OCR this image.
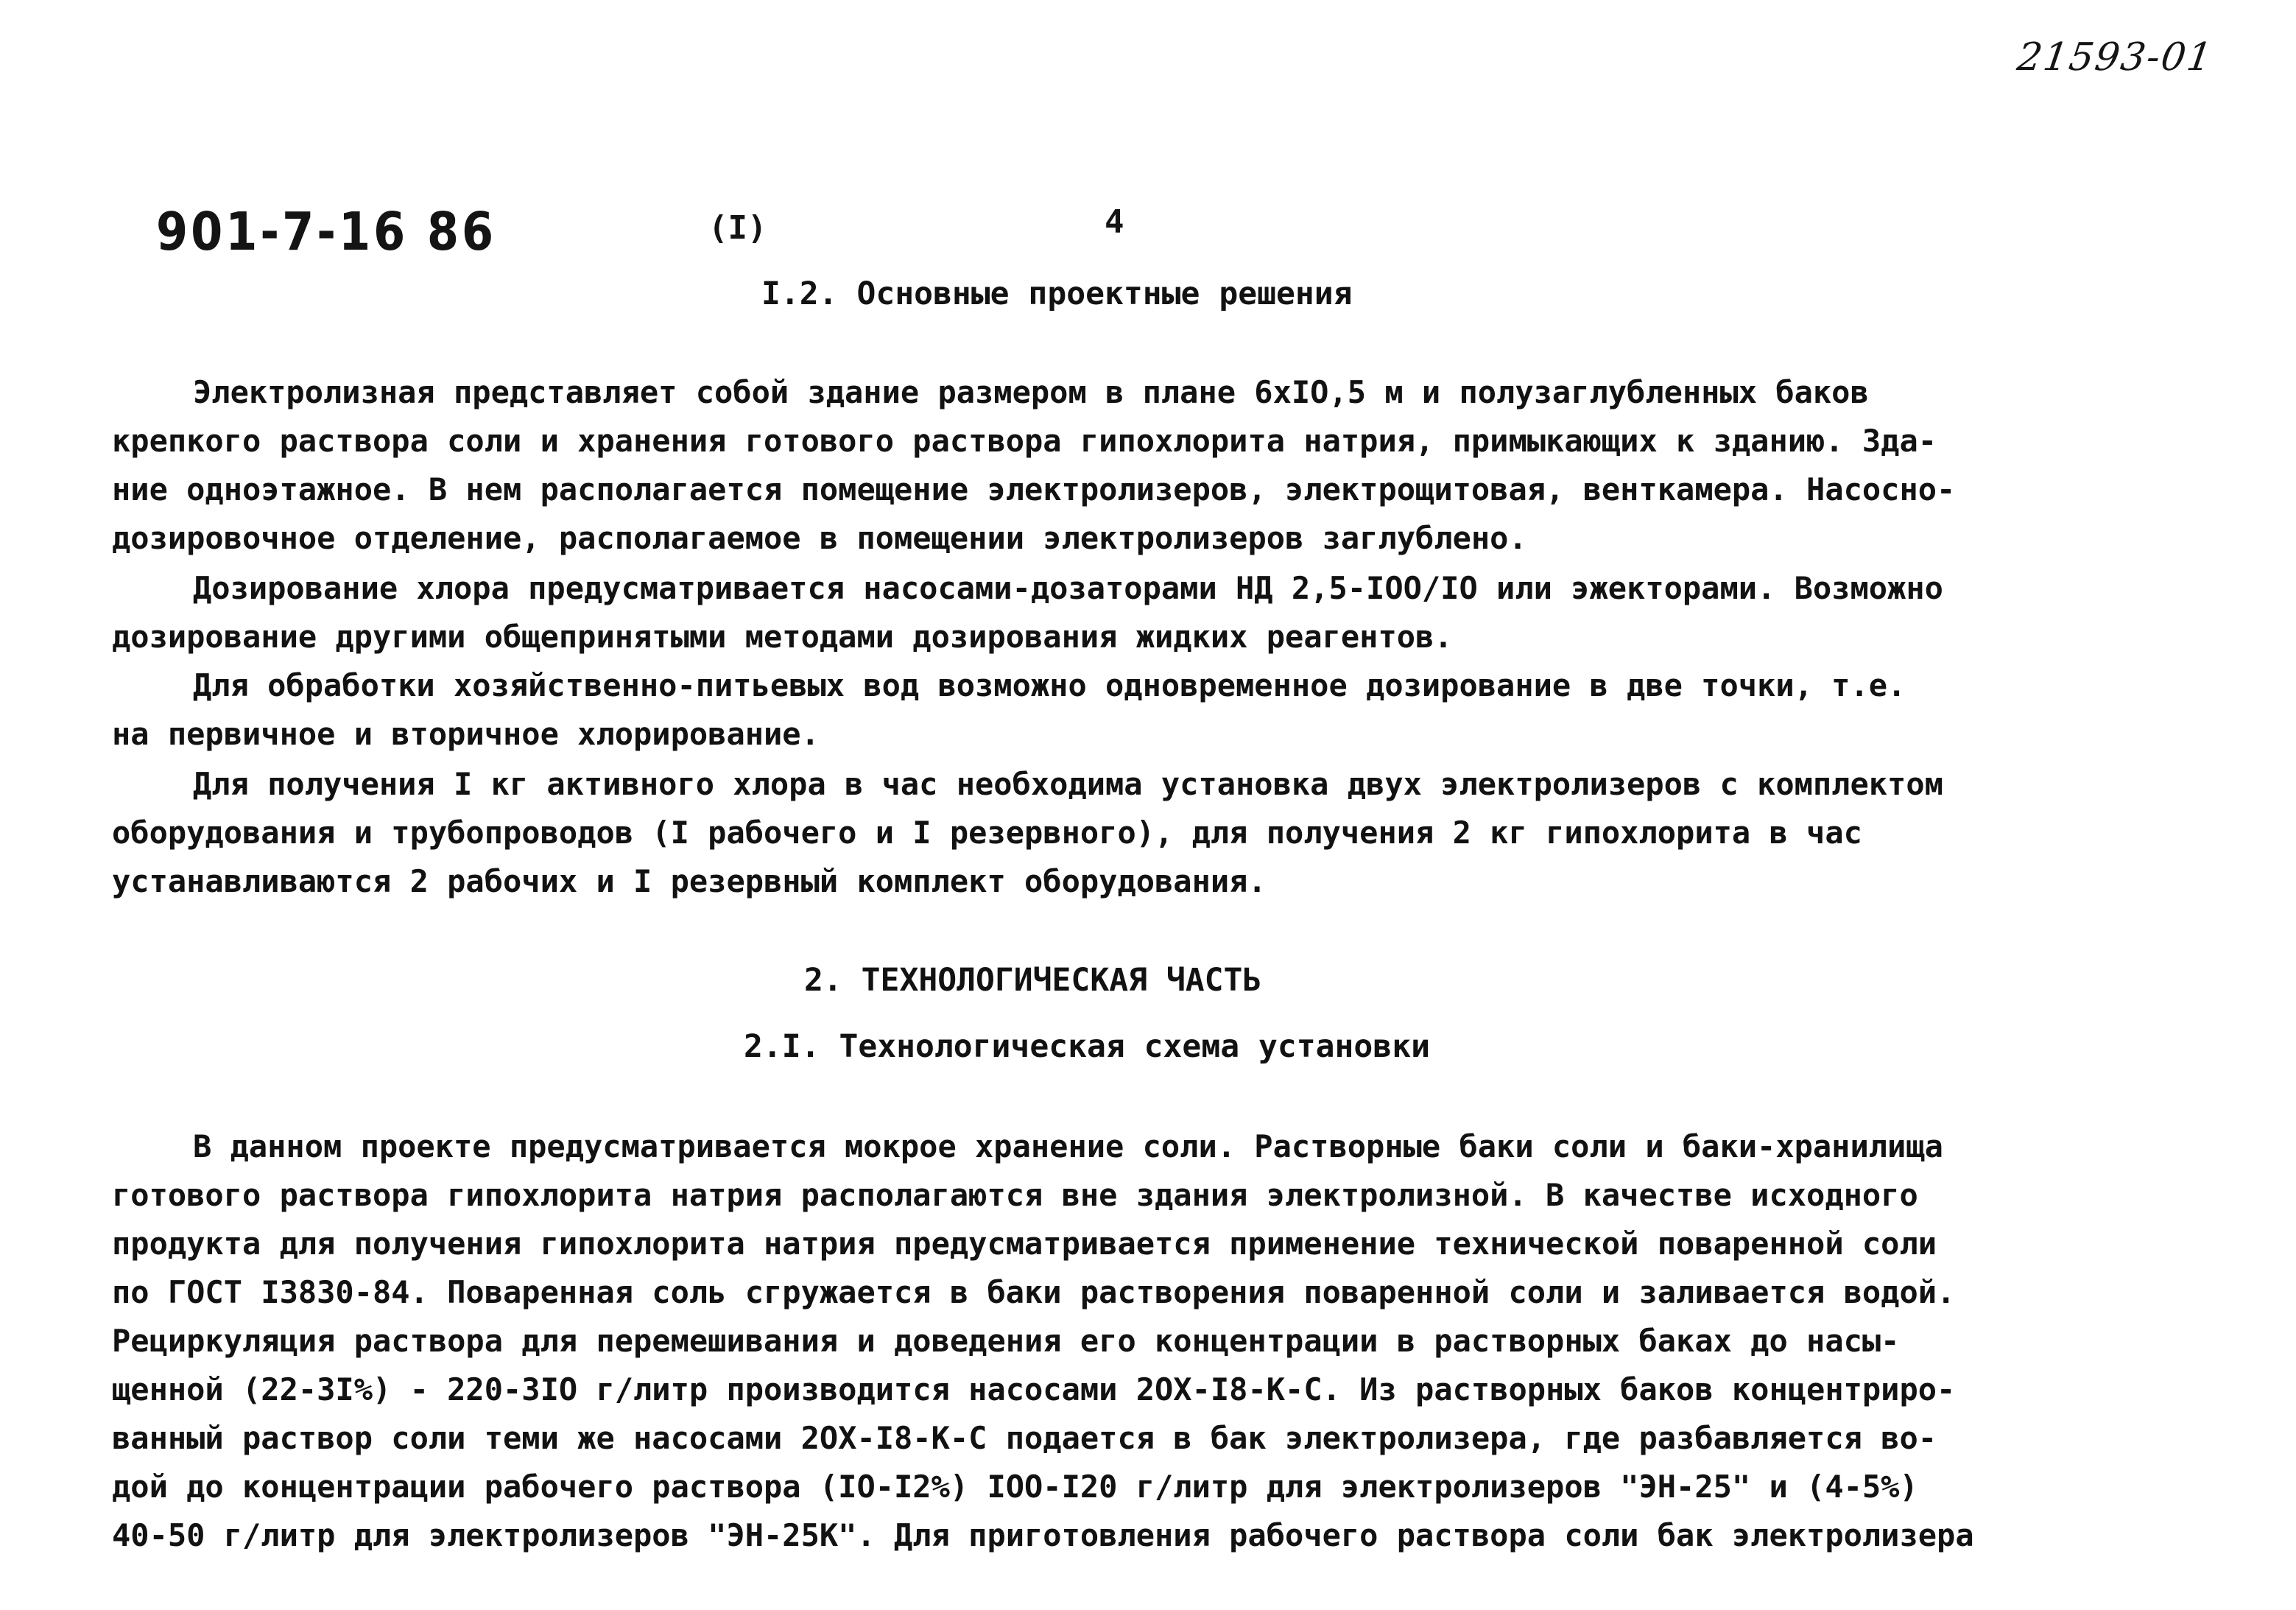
21593-01
901-7-16 86	(I)	4
I.2. Основные проектные решения
Электролизная представляет собой здание размером в плане 6хIO,5 м и полузаглубленных баков
крепкого раствора соли и хранения готового раствора гипохлорита натрия, примыкающих к зданию. Зда-
ние одноэтажное. В нем располагается помещение электролизеров, электрощитовая, венткамера. Насосно-
дозировочное отделение, располагаемое в помещении электролизеров заглублено.
Дозирование хлора предусматривается насосами-дозаторами НД 2,5-IOO/IO или эжекторами. Возможно
дозирование другими общепринятыми методами дозирования жидких реагентов.
Для обработки хозяйственно-питьевых вод возможно одновременное дозирование в две точки, т.е.
на первичное и вторичное хлорирование.
Для получения I кг активного хлора в час необходима установка двух электролизеров с комплектом
оборудования и трубопроводов (I рабочего и I резервного), для получения 2 кг гипохлорита в час
устанавливаются 2 рабочих и I резервный комплект оборудования.
2. ТЕХНОЛОГИЧЕСКАЯ ЧАСТЬ
2.I. Технологическая схема установки
В данном проекте предусматривается мокрое хранение соли. Растворные баки соли и баки-хранилища
готового раствора гипохлорита натрия располагаются вне здания электролизной. В качестве исходного
продукта для получения гипохлорита натрия предусматривается применение технической поваренной соли
по ГОСТ I3830-84. Поваренная соль сгружается в баки растворения поваренной соли и заливается водой.
Рециркуляция раствора для перемешивания и доведения его концентрации в растворных баках до насы-
щенной (22-3I%) - 220-3IO г/литр производится насосами 2ОХ-I8-К-С. Из растворных баков концентриро-
ванный раствор соли теми же насосами 2ОХ-I8-К-С подается в бак электролизера, где разбавляется во-
дой до концентрации рабочего раствора (IO-I2%) IOO-I20 г/литр для электролизеров "ЭН-25" и (4-5%)
40-50 г/литр для электролизеров "ЭН-25К". Для приготовления рабочего раствора соли бак электролизера
